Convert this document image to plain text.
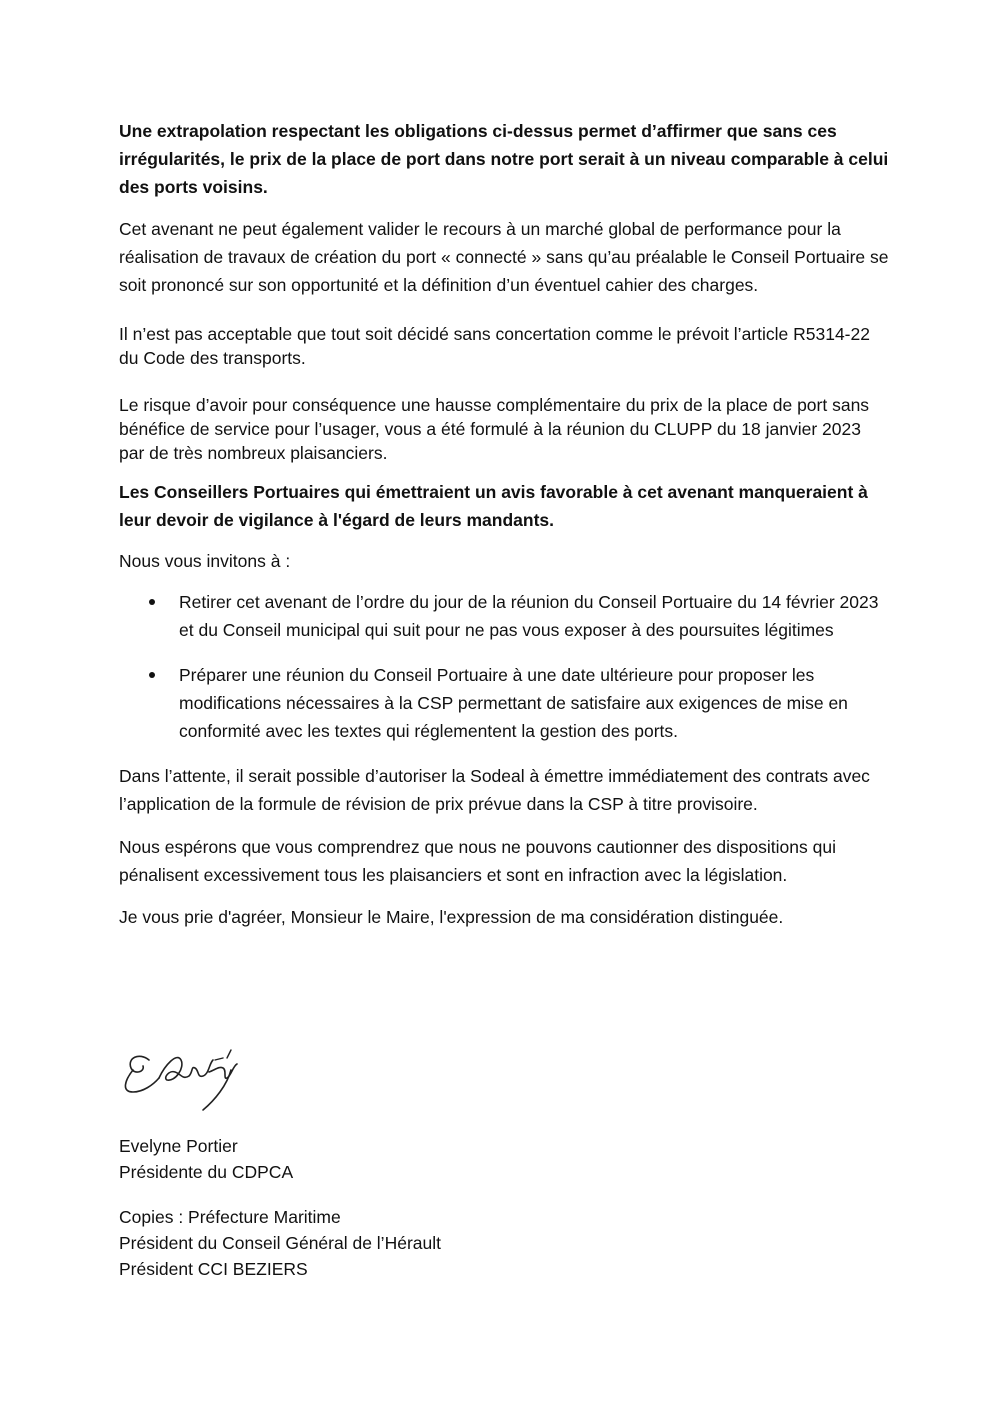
Une extrapolation respectant les obligations ci-dessus permet d’affirmer que sans ces irrégularités, le prix de la place de port dans notre port serait à un niveau comparable à celui des ports voisins.

Cet avenant ne peut également valider le recours à un marché global de performance pour la réalisation de travaux de création du port « connecté » sans qu’au préalable le Conseil Portuaire se soit prononcé sur son opportunité et la définition d’un éventuel cahier des charges.

Il n’est pas acceptable que tout soit décidé sans concertation comme le prévoit l’article R5314-22 du Code des transports.

Le risque d’avoir pour conséquence une hausse complémentaire du prix de la place de port sans bénéfice de service pour l’usager, vous a été formulé à la réunion du CLUPP du 18 janvier 2023 par de très nombreux plaisanciers.

Les Conseillers Portuaires qui émettraient un avis favorable à cet avenant manqueraient à leur devoir de vigilance à l'égard de leurs mandants.

Nous vous invitons à :

Retirer cet avenant de l’ordre du jour de la réunion du Conseil Portuaire du 14 février 2023 et du Conseil municipal qui suit pour ne pas vous exposer à des poursuites légitimes

Préparer une réunion du Conseil Portuaire à une date ultérieure pour proposer les modifications nécessaires à la CSP permettant de satisfaire aux exigences de mise en conformité avec les textes qui réglementent la gestion des ports.

Dans l’attente, il serait possible d’autoriser la Sodeal à émettre immédiatement des contrats avec l’application de la formule de révision de prix prévue dans la CSP à titre provisoire.

Nous espérons que vous comprendrez que nous ne pouvons cautionner des dispositions qui pénalisent excessivement tous les plaisanciers et sont en infraction avec la législation.

Je vous prie d'agréer, Monsieur le Maire, l'expression de ma considération distinguée.

Evelyne Portier

Présidente du CDPCA

Copies : Préfecture Maritime

Président du Conseil Général de l’Hérault

Président CCI BEZIERS
